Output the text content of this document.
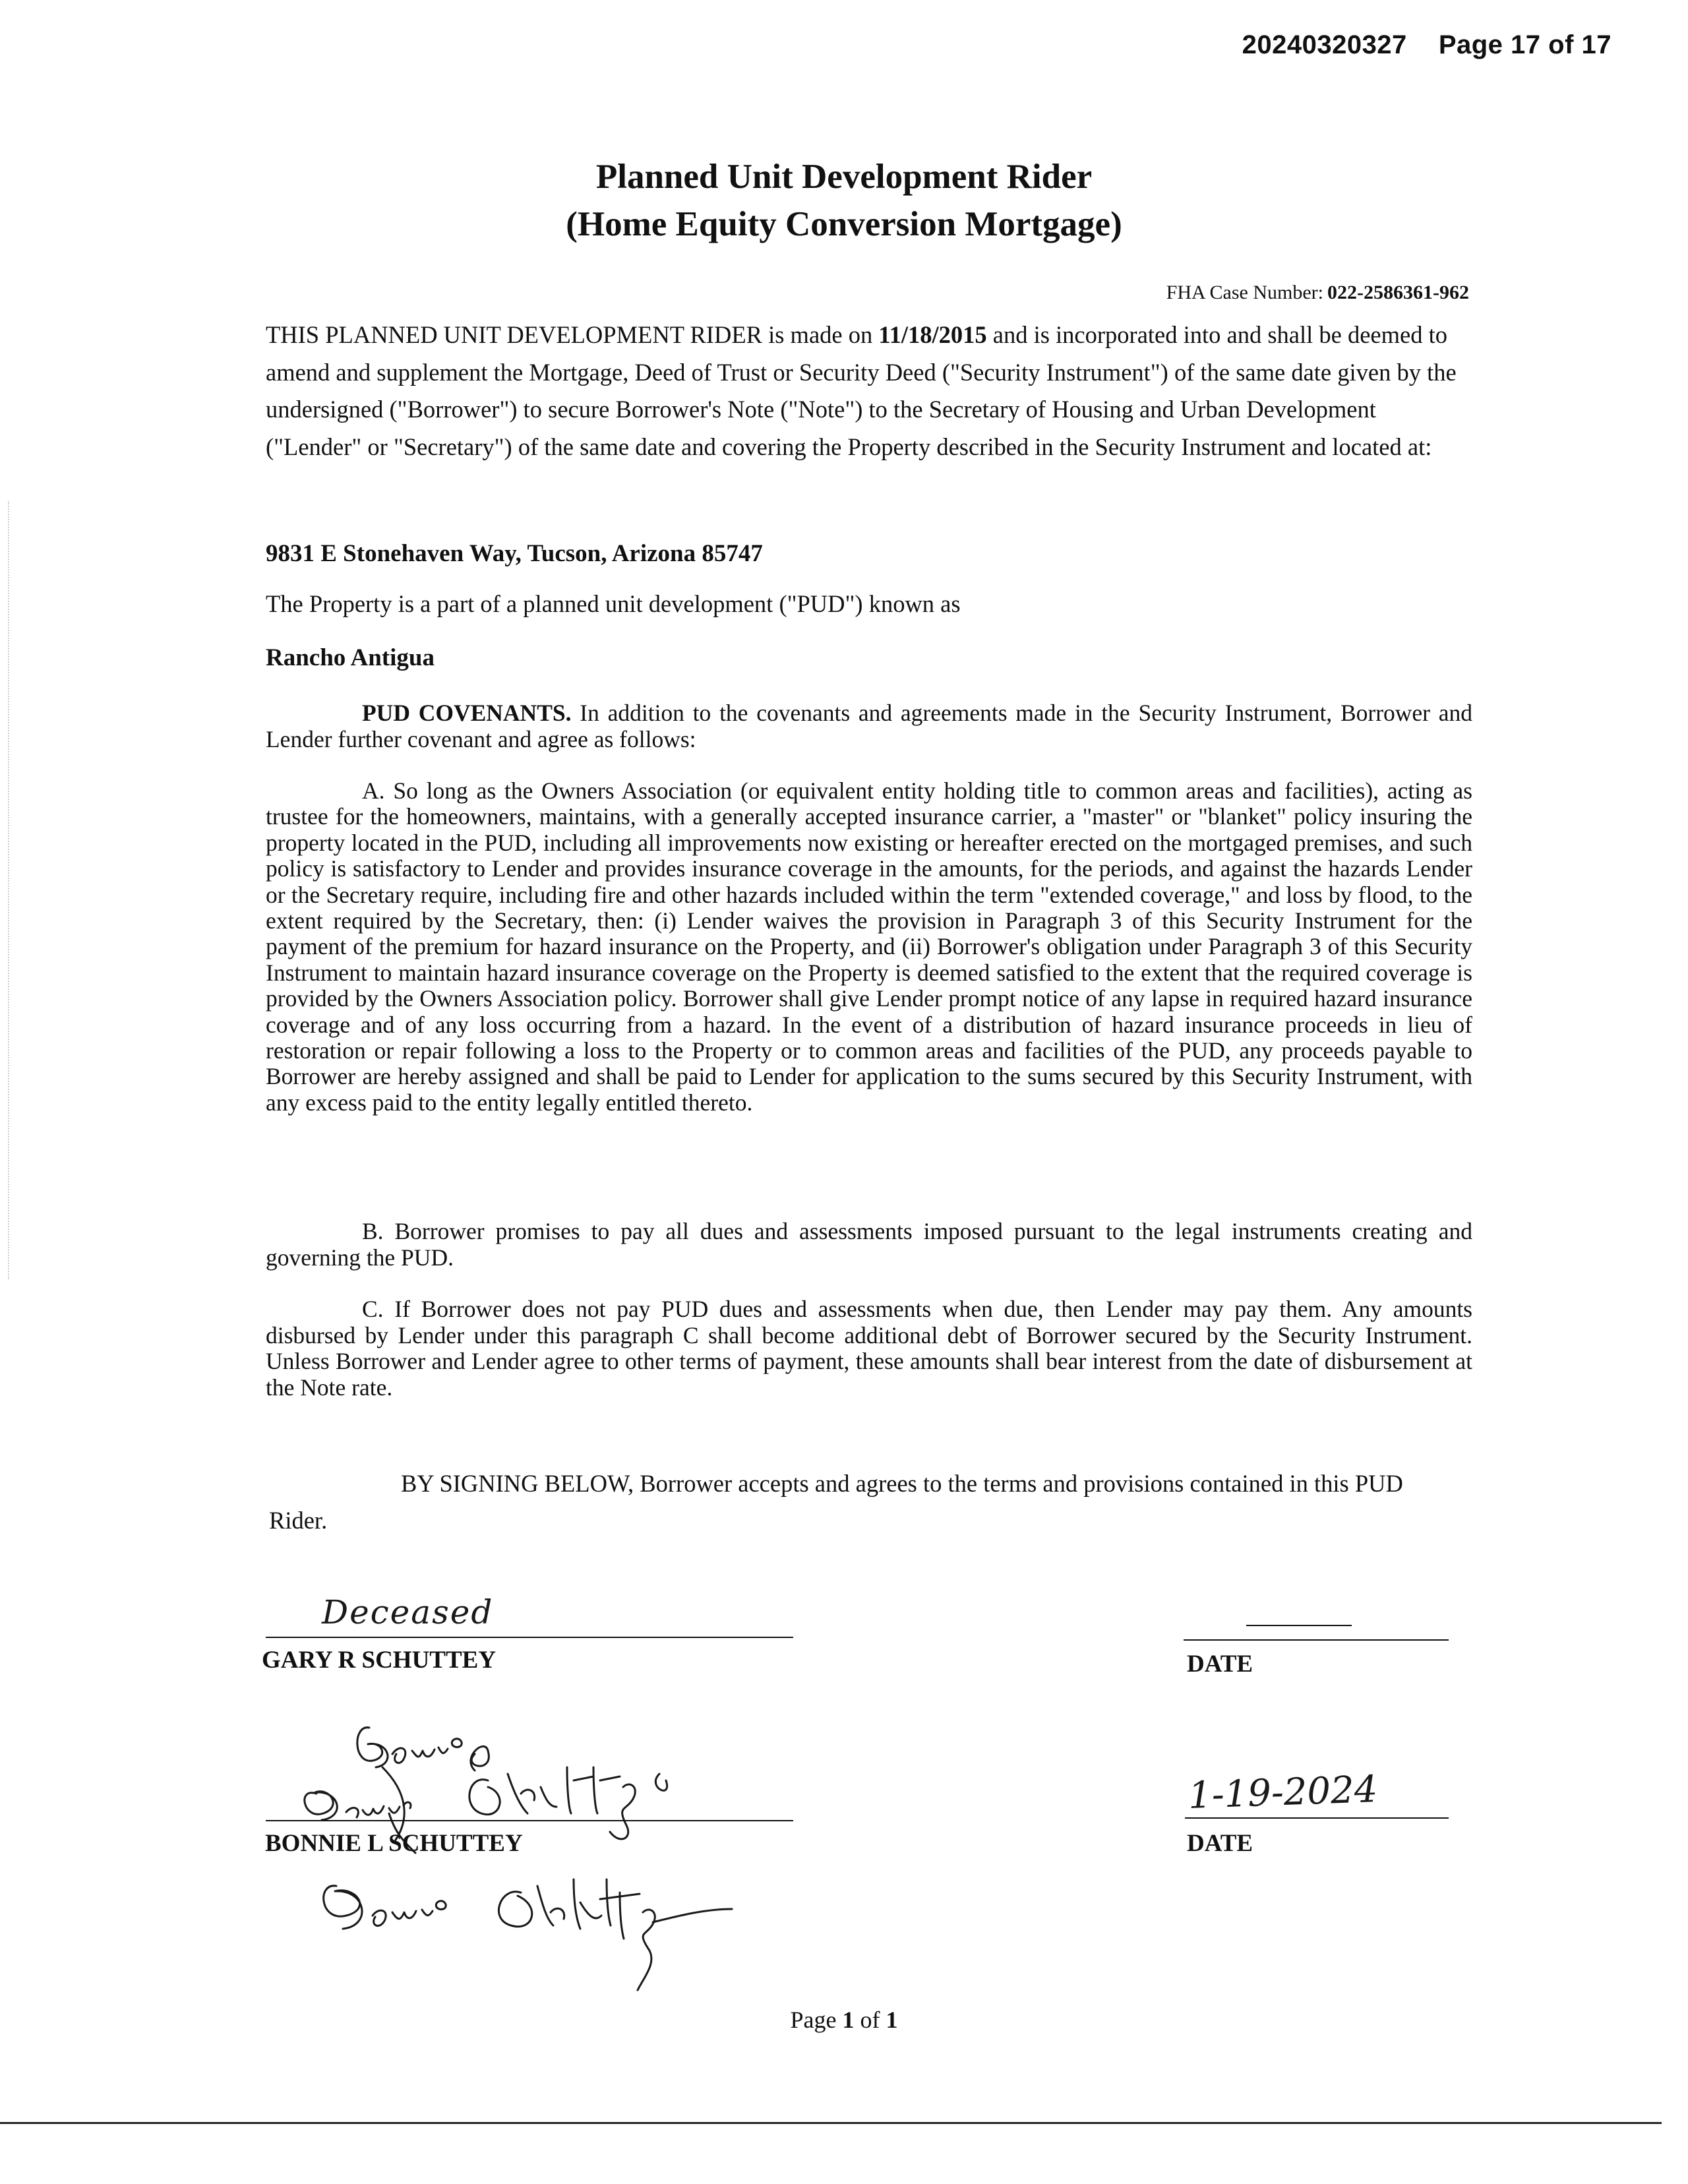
20240320327 Page 17 of 17
Planned Unit Development Rider
(Home Equity Conversion Mortgage)
FHA Case Number: 022-2586361-962
THIS PLANNED UNIT DEVELOPMENT RIDER is made on 11/18/2015 and is incorporated into and shall be deemed to amend and supplement the Mortgage, Deed of Trust or Security Deed ("Security Instrument") of the same date given by the undersigned ("Borrower") to secure Borrower's Note ("Note") to the Secretary of Housing and Urban Development ("Lender" or "Secretary") of the same date and covering the Property described in the Security Instrument and located at:
9831 E Stonehaven Way, Tucson, Arizona 85747
The Property is a part of a planned unit development ("PUD") known as
Rancho Antigua
PUD COVENANTS. In addition to the covenants and agreements made in the Security Instrument, Borrower and Lender further covenant and agree as follows:
A. So long as the Owners Association (or equivalent entity holding title to common areas and facilities), acting as trustee for the homeowners, maintains, with a generally accepted insurance carrier, a "master" or "blanket" policy insuring the property located in the PUD, including all improvements now existing or hereafter erected on the mortgaged premises, and such policy is satisfactory to Lender and provides insurance coverage in the amounts, for the periods, and against the hazards Lender or the Secretary require, including fire and other hazards included within the term "extended coverage," and loss by flood, to the extent required by the Secretary, then: (i) Lender waives the provision in Paragraph 3 of this Security Instrument for the payment of the premium for hazard insurance on the Property, and (ii) Borrower's obligation under Paragraph 3 of this Security Instrument to maintain hazard insurance coverage on the Property is deemed satisfied to the extent that the required coverage is provided by the Owners Association policy. Borrower shall give Lender prompt notice of any lapse in required hazard insurance coverage and of any loss occurring from a hazard. In the event of a distribution of hazard insurance proceeds in lieu of restoration or repair following a loss to the Property or to common areas and facilities of the PUD, any proceeds payable to Borrower are hereby assigned and shall be paid to Lender for application to the sums secured by this Security Instrument, with any excess paid to the entity legally entitled thereto.
B. Borrower promises to pay all dues and assessments imposed pursuant to the legal instruments creating and governing the PUD.
C. If Borrower does not pay PUD dues and assessments when due, then Lender may pay them. Any amounts disbursed by Lender under this paragraph C shall become additional debt of Borrower secured by the Security Instrument. Unless Borrower and Lender agree to other terms of payment, these amounts shall bear interest from the date of disbursement at the Note rate.
BY SIGNING BELOW, Borrower accepts and agrees to the terms and provisions contained in this PUD Rider.
Deceased
GARY R SCHUTTEY	DATE
BONNIE L SCHUTTEY
1-19-2024
DATE
Page 1 of 1
